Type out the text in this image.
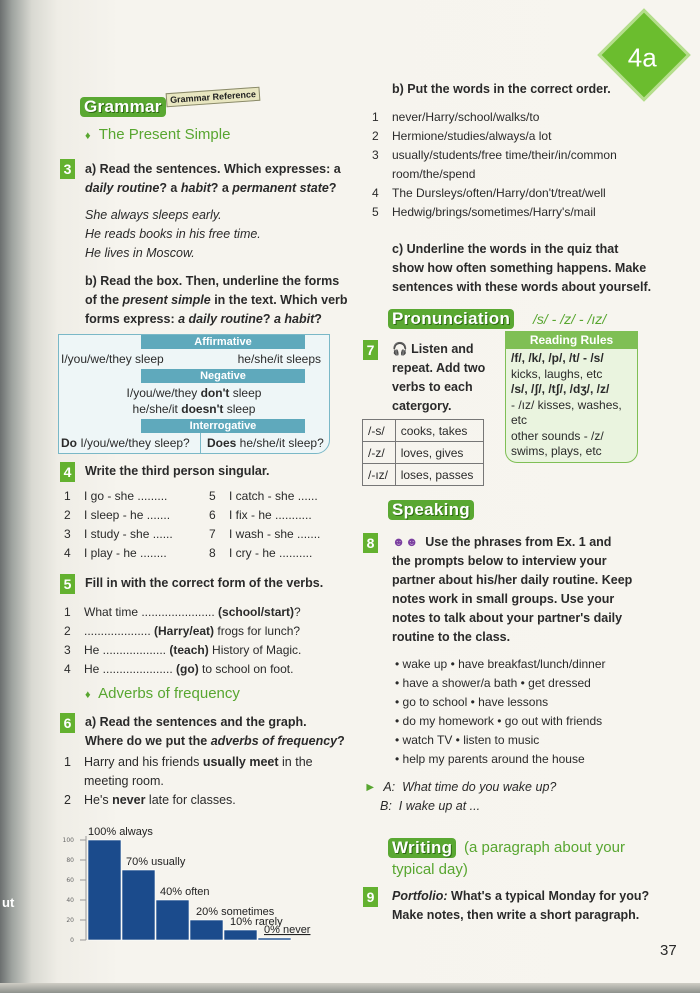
ut
4a
Grammar Grammar Reference
♦ The Present Simple
3 a) Read the sentences. Which expresses: a
daily routine? a habit? a permanent state?
She always sleeps early.
He reads books in his free time.
He lives in Moscow.
b) Read the box. Then, underline the forms
of the present simple in the text. Which verb
forms express: a daily routine? a habit?
Affirmative
I/you/we/they sleep	he/she/it sleeps
Negative
I/you/we/they don't sleep
he/she/it doesn't sleep
Interrogative
Do I/you/we/they sleep?	Does he/she/it sleep?
4 Write the third person singular.
1 I go - she .........
2 I sleep - he .......
3 I study - she ......
4 I play - he ........
5 I catch - she ......
6 I fix - he ...........
7 I wash - she .......
8 I cry - he ..........
5 Fill in with the correct form of the verbs.
1 What time ...................... (school/start)?
2 .................... (Harry/eat) frogs for lunch?
3 He ................... (teach) History of Magic.
4 He ..................... (go) to school on foot.
♦ Adverbs of frequency
6 a) Read the sentences and the graph.
Where do we put the adverbs of frequency?
1 Harry and his friends usually meet in the
meeting room.
2 He's never late for classes.
100
80
60
40
20
0
100% always
70% usually
40% often
20% sometimes
10% rarely
0% never
b) Put the words in the correct order.
1 never/Harry/school/walks/to
2 Hermione/studies/always/a lot
3 usually/students/free time/their/in/common
room/the/spend
4 The Dursleys/often/Harry/don't/treat/well
5 Hedwig/brings/sometimes/Harry's/mail
c) Underline the words in the quiz that
show how often something happens. Make
sentences with these words about yourself.
Pronunciation /s/ - /z/ - /ız/
7 🎧 Listen and
repeat. Add two
verbs to each
catergory.
/-s/	cooks, takes
/-z/	loves, gives
/-ız/	loses, passes
Reading Rules
/f/, /k/, /p/, /t/ - /s/
kicks, laughs, etc
/s/, /ʃ/, /tʃ/, /dʒ/, /z/
- /ız/ kisses, washes,
etc
other sounds - /z/
swims, plays, etc
Speaking
8 ☻☻ Use the phrases from Ex. 1 and
the prompts below to interview your
partner about his/her daily routine. Keep
notes work in small groups. Use your
notes to talk about your partner's daily
routine to the class.
• wake up • have breakfast/lunch/dinner
• have a shower/a bath • get dressed
• go to school • have lessons
• do my homework • go out with friends
• watch TV • listen to music
• help my parents around the house
► A: What time do you wake up?
B: I wake up at ...
Writing (a paragraph about your
typical day)
9 Portfolio: What's a typical Monday for you?
Make notes, then write a short paragraph.
37
